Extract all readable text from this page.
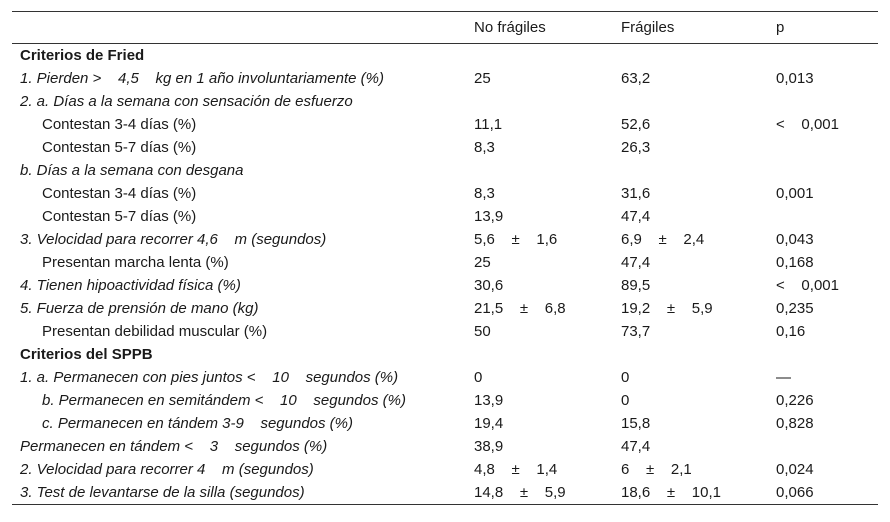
	No frágiles	Frágiles	p
Criterios de Fried			
1. Pierden >    4,5    kg en 1 año involuntariamente (%)	25	63,2	0,013
2. a. Días a la semana con sensación de esfuerzo			
Contestan 3-4 días (%)	11,1	52,6	<    0,001
Contestan 5-7 días (%)	8,3	26,3	
b. Días a la semana con desgana			
Contestan 3-4 días (%)	8,3	31,6	0,001
Contestan 5-7 días (%)	13,9	47,4	
3. Velocidad para recorrer 4,6    m (segundos)	5,6    ±    1,6	6,9    ±    2,4	0,043
Presentan marcha lenta (%)	25	47,4	0,168
4. Tienen hipoactividad física (%)	30,6	89,5	<    0,001
5. Fuerza de prensión de mano (kg)	21,5    ±    6,8	19,2    ±    5,9	0,235
Presentan debilidad muscular (%)	50	73,7	0,16
Criterios del SPPB			
1. a. Permanecen con pies juntos <    10    segundos (%)	0	0	—
b. Permanecen en semitándem <    10    segundos (%)	13,9	0	0,226
c. Permanecen en tándem 3-9    segundos (%)	19,4	15,8	0,828
Permanecen en tándem <    3    segundos (%)	38,9	47,4	
2. Velocidad para recorrer 4    m (segundos)	4,8    ±    1,4	6    ±    2,1	0,024
3. Test de levantarse de la silla (segundos)	14,8    ±    5,9	18,6    ±    10,1	0,066
